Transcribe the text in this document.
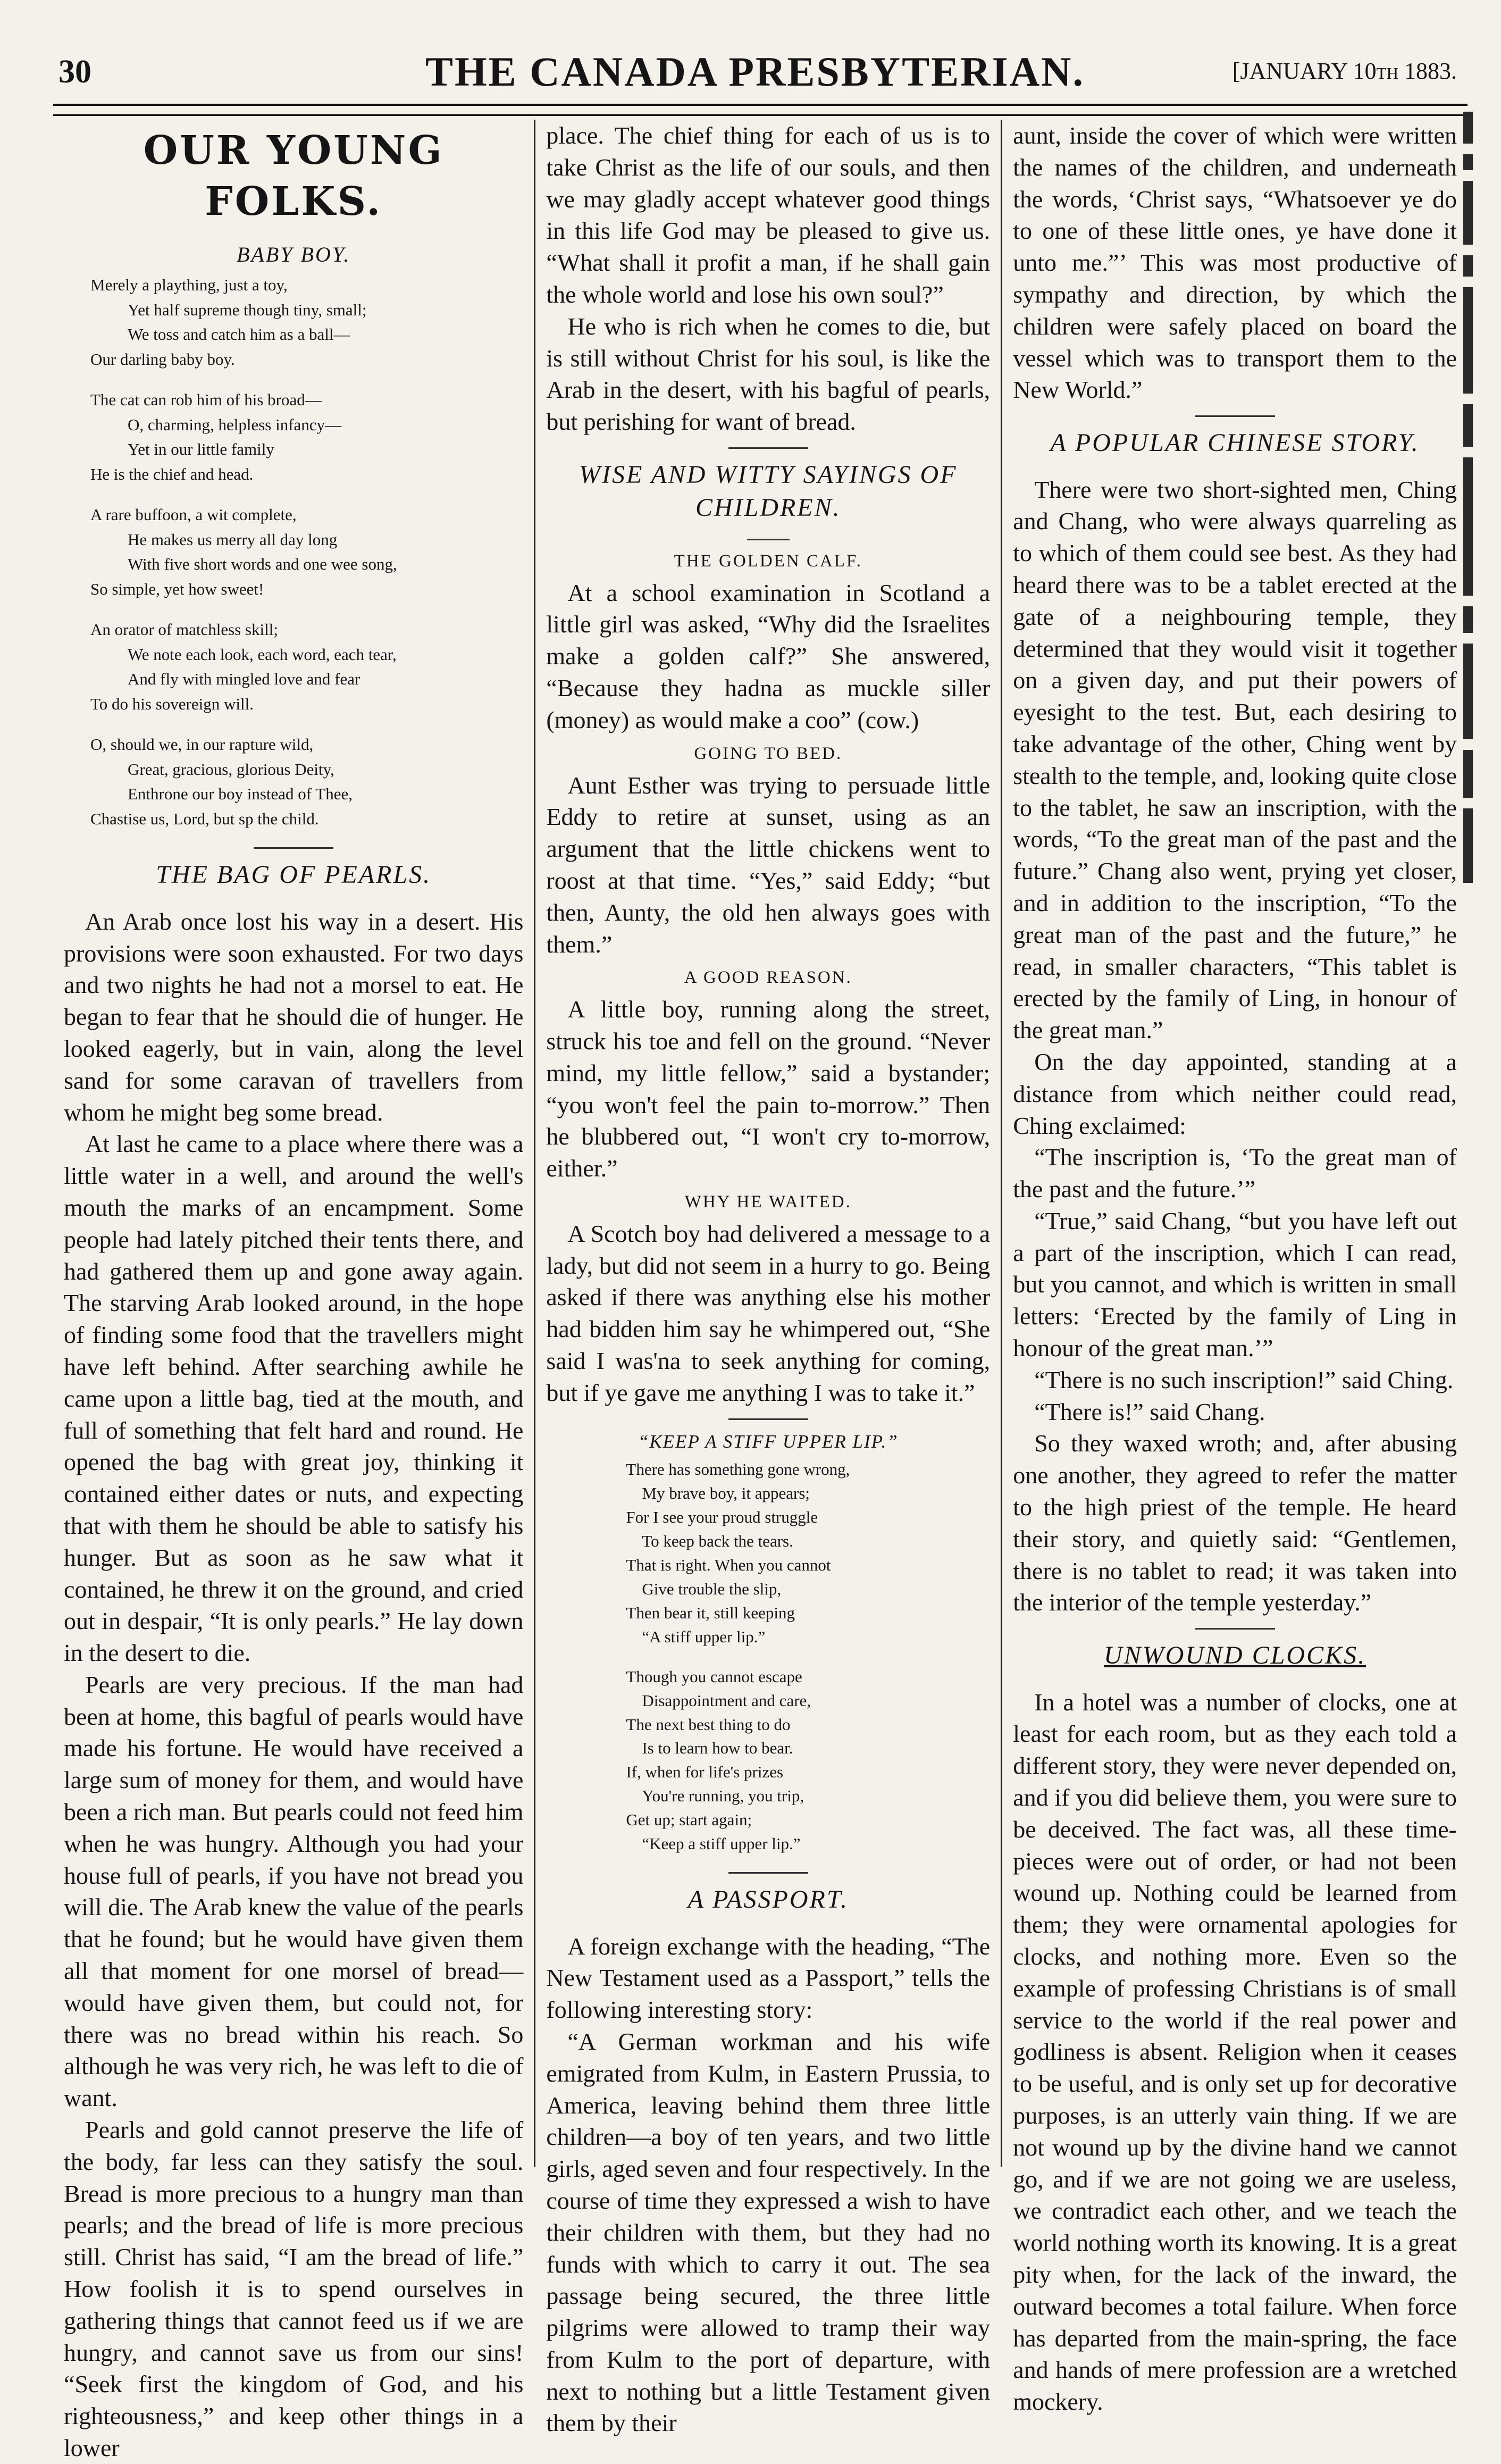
30	THE CANADA PRESBYTERIAN.	[JANUARY 10th 1883.
OUR YOUNG FOLKS.
BABY BOY.
Merely a plaything, just a toy,
Yet half supreme though tiny, small;
We toss and catch him as a ball—
Our darling baby boy.
The cat can rob him of his broad—
O, charming, helpless infancy—
Yet in our little family
He is the chief and head.
A rare buffoon, a wit complete,
He makes us merry all day long
With five short words and one wee song,
So simple, yet how sweet!
An orator of matchless skill;
We note each look, each word, each tear,
And fly with mingled love and fear
To do his sovereign will.
O, should we, in our rapture wild,
Great, gracious, glorious Deity,
Enthrone our boy instead of Thee,
Chastise us, Lord, but sp the child.
THE BAG OF PEARLS.

An Arab once lost his way in a desert. His provisions were soon exhausted. For two days and two nights he had not a morsel to eat. He began to fear that he should die of hunger. He looked eagerly, but in vain, along the level sand for some caravan of travellers from whom he might beg some bread.

At last he came to a place where there was a little water in a well, and around the well's mouth the marks of an encampment. Some people had lately pitched their tents there, and had gathered them up and gone away again. The starving Arab looked around, in the hope of finding some food that the travellers might have left behind. After searching awhile he came upon a little bag, tied at the mouth, and full of something that felt hard and round. He opened the bag with great joy, thinking it contained either dates or nuts, and expecting that with them he should be able to satisfy his hunger. But as soon as he saw what it contained, he threw it on the ground, and cried out in despair, “It is only pearls.” He lay down in the desert to die.

Pearls are very precious. If the man had been at home, this bagful of pearls would have made his fortune. He would have received a large sum of money for them, and would have been a rich man. But pearls could not feed him when he was hungry. Although you had your house full of pearls, if you have not bread you will die. The Arab knew the value of the pearls that he found; but he would have given them all that moment for one morsel of bread—would have given them, but could not, for there was no bread within his reach. So although he was very rich, he was left to die of want.

Pearls and gold cannot preserve the life of the body, far less can they satisfy the soul. Bread is more precious to a hungry man than pearls; and the bread of life is more precious still. Christ has said, “I am the bread of life.” How foolish it is to spend ourselves in gathering things that cannot feed us if we are hungry, and cannot save us from our sins! “Seek first the kingdom of God, and his righteousness,” and keep other things in a lower

place. The chief thing for each of us is to take Christ as the life of our souls, and then we may gladly accept whatever good things in this life God may be pleased to give us. “What shall it profit a man, if he shall gain the whole world and lose his own soul?”

He who is rich when he comes to die, but is still without Christ for his soul, is like the Arab in the desert, with his bagful of pearls, but perishing for want of bread.

WISE AND WITTY SAYINGS OF CHILDREN.
THE GOLDEN CALF.

At a school examination in Scotland a little girl was asked, “Why did the Israelites make a golden calf?” She answered, “Because they hadna as muckle siller (money) as would make a coo” (cow.)

GOING TO BED.

Aunt Esther was trying to persuade little Eddy to retire at sunset, using as an argument that the little chickens went to roost at that time. “Yes,” said Eddy; “but then, Aunty, the old hen always goes with them.”

A GOOD REASON.

A little boy, running along the street, struck his toe and fell on the ground. “Never mind, my little fellow,” said a bystander; “you won't feel the pain to-morrow.” Then he blubbered out, “I won't cry to-morrow, either.”

WHY HE WAITED.

A Scotch boy had delivered a message to a lady, but did not seem in a hurry to go. Being asked if there was anything else his mother had bidden him say he whimpered out, “She said I was'na to seek anything for coming, but if ye gave me anything I was to take it.”

“KEEP A STIFF UPPER LIP.”
There has something gone wrong,
My brave boy, it appears;
For I see your proud struggle
To keep back the tears.
That is right. When you cannot
Give trouble the slip,
Then bear it, still keeping
“A stiff upper lip.”
Though you cannot escape
Disappointment and care,
The next best thing to do
Is to learn how to bear.
If, when for life's prizes
You're running, you trip,
Get up; start again;
“Keep a stiff upper lip.”
A PASSPORT.

A foreign exchange with the heading, “The New Testament used as a Passport,” tells the following interesting story:

“A German workman and his wife emigrated from Kulm, in Eastern Prussia, to America, leaving behind them three little children—a boy of ten years, and two little girls, aged seven and four respectively. In the course of time they expressed a wish to have their children with them, but they had no funds with which to carry it out. The sea passage being secured, the three little pilgrims were allowed to tramp their way from Kulm to the port of departure, with next to nothing but a little Testament given them by their

aunt, inside the cover of which were written the names of the children, and underneath the words, ‘Christ says, “Whatsoever ye do to one of these little ones, ye have done it unto me.”’ This was most productive of sympathy and direction, by which the children were safely placed on board the vessel which was to transport them to the New World.”

A POPULAR CHINESE STORY.

There were two short-sighted men, Ching and Chang, who were always quarreling as to which of them could see best. As they had heard there was to be a tablet erected at the gate of a neighbouring temple, they determined that they would visit it together on a given day, and put their powers of eyesight to the test. But, each desiring to take advantage of the other, Ching went by stealth to the temple, and, looking quite close to the tablet, he saw an inscription, with the words, “To the great man of the past and the future.” Chang also went, prying yet closer, and in addition to the inscription, “To the great man of the past and the future,” he read, in smaller characters, “This tablet is erected by the family of Ling, in honour of the great man.”

On the day appointed, standing at a distance from which neither could read, Ching exclaimed:

“The inscription is, ‘To the great man of the past and the future.’”

“True,” said Chang, “but you have left out a part of the inscription, which I can read, but you cannot, and which is written in small letters: ‘Erected by the family of Ling in honour of the great man.’”

“There is no such inscription!” said Ching.

“There is!” said Chang.

So they waxed wroth; and, after abusing one another, they agreed to refer the matter to the high priest of the temple. He heard their story, and quietly said: “Gentlemen, there is no tablet to read; it was taken into the interior of the temple yesterday.”

UNWOUND CLOCKS.

In a hotel was a number of clocks, one at least for each room, but as they each told a different story, they were never depended on, and if you did believe them, you were sure to be deceived. The fact was, all these time-pieces were out of order, or had not been wound up. Nothing could be learned from them; they were ornamental apologies for clocks, and nothing more. Even so the example of professing Christians is of small service to the world if the real power and godliness is absent. Religion when it ceases to be useful, and is only set up for decorative purposes, is an utterly vain thing. If we are not wound up by the divine hand we cannot go, and if we are not going we are useless, we contradict each other, and we teach the world nothing worth its knowing. It is a great pity when, for the lack of the inward, the outward becomes a total failure. When force has departed from the main-spring, the face and hands of mere profession are a wretched mockery.
